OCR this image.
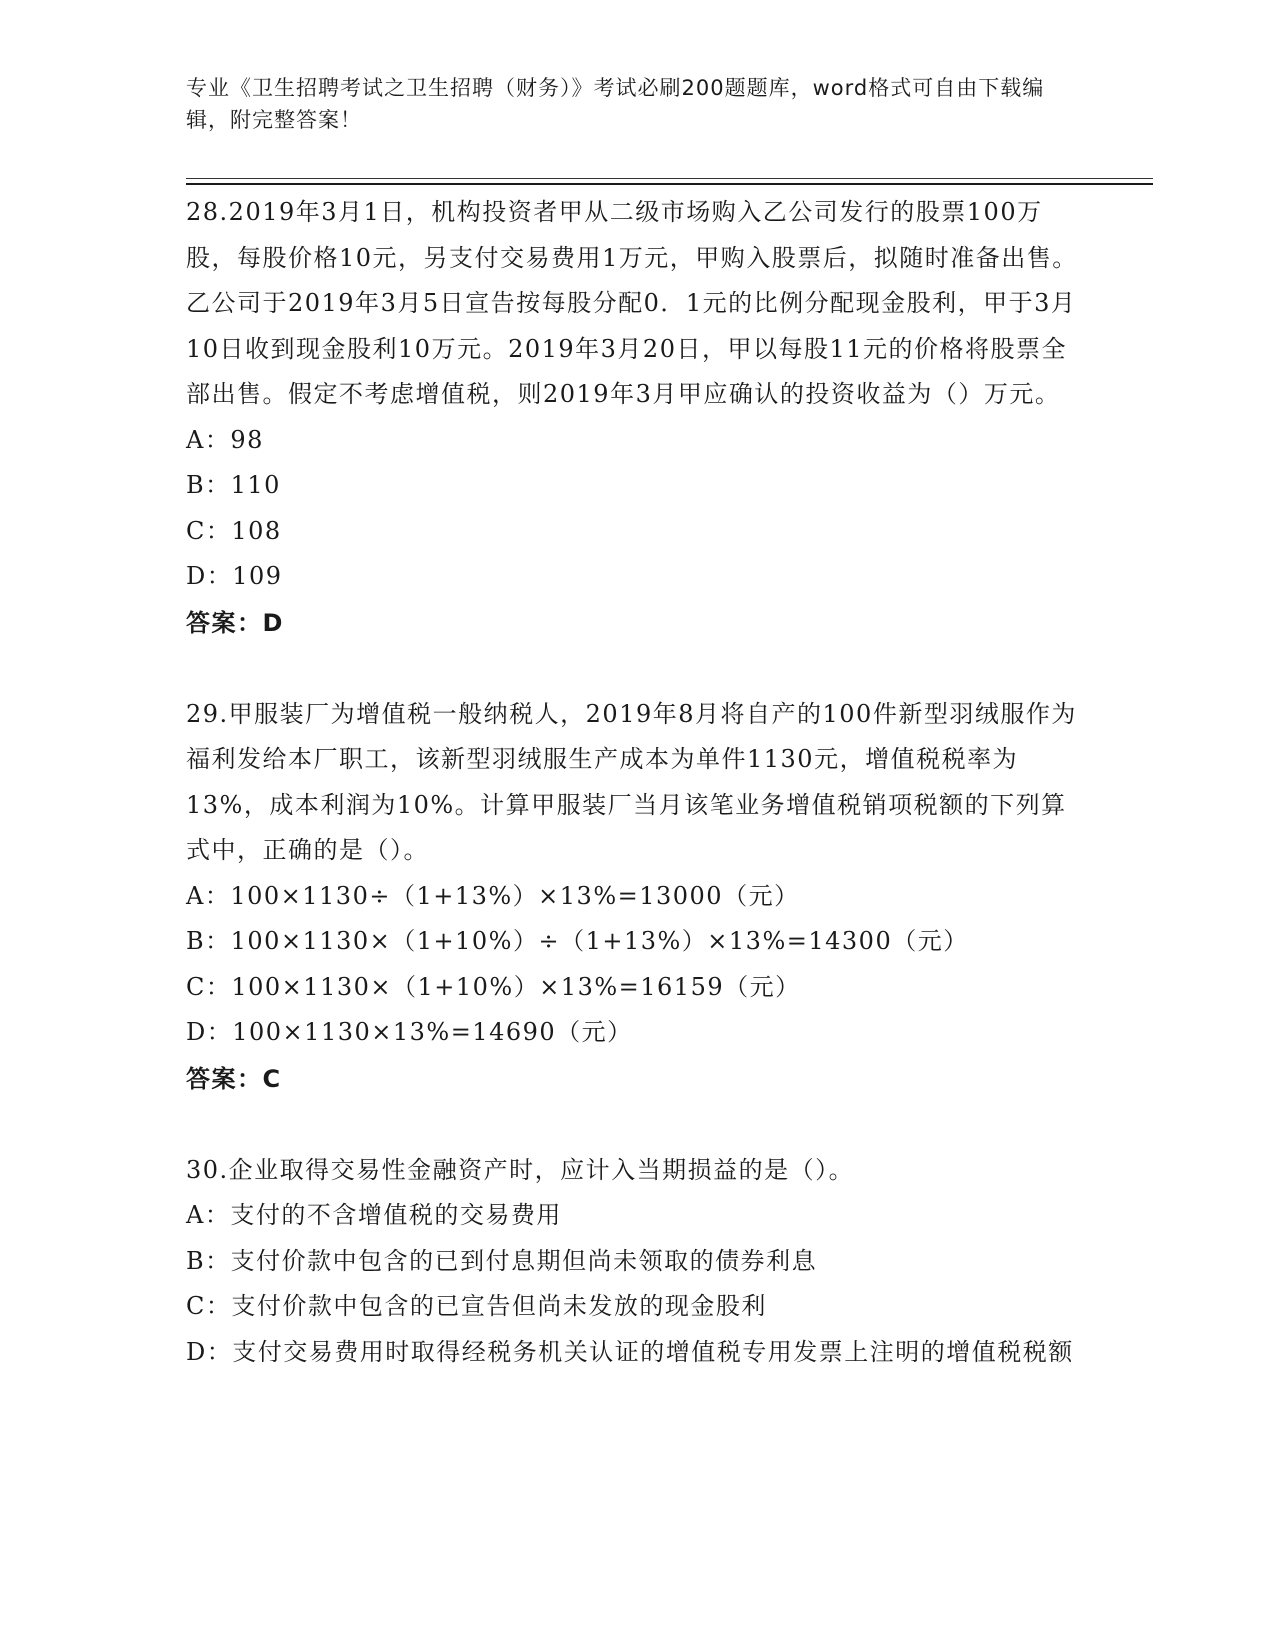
专业《卫生招聘考试之卫生招聘（财务）》考试必刷200题题库，word格式可自由下载编辑，附完整答案！

28.2019年3月1日，机构投资者甲从二级市场购入乙公司发行的股票100万股，每股价格10元，另支付交易费用1万元，甲购入股票后，拟随时准备出售。乙公司于2019年3月5日宣告按每股分配0．1元的比例分配现金股利，甲于3月10日收到现金股利10万元。2019年3月20日，甲以每股11元的价格将股票全部出售。假定不考虑增值税，则2019年3月甲应确认的投资收益为（）万元。

A：98

B：110

C：108

D：109

答案：D

29.甲服装厂为增值税一般纳税人，2019年8月将自产的100件新型羽绒服作为福利发给本厂职工，该新型羽绒服生产成本为单件1130元，增值税税率为13%，成本利润为10%。计算甲服装厂当月该笔业务增值税销项税额的下列算式中，正确的是（）。

A：100×1130÷（1+13%）×13%=13000（元）

B：100×1130×（1+10%）÷（1+13%）×13%=14300（元）

C：100×1130×（1+10%）×13%=16159（元）

D：100×1130×13%=14690（元）

答案：C

30.企业取得交易性金融资产时，应计入当期损益的是（）。

A：支付的不含增值税的交易费用

B：支付价款中包含的已到付息期但尚未领取的债券利息

C：支付价款中包含的已宣告但尚未发放的现金股利

D：支付交易费用时取得经税务机关认证的增值税专用发票上注明的增值税税额
